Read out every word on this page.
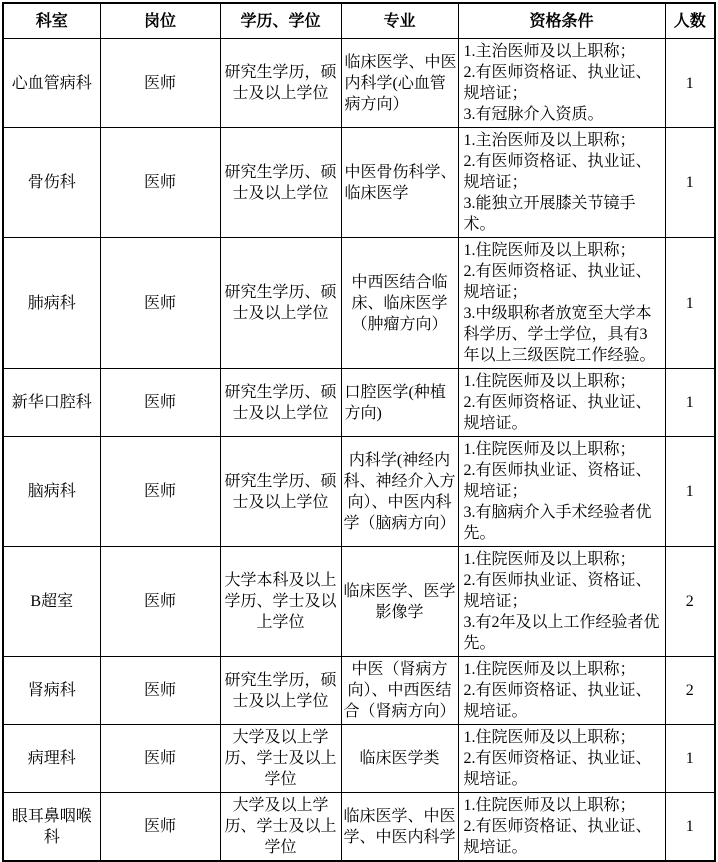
科室	岗位	学历、学位	专业	资格条件	人数
心血管病科	医师	研究生学历，硕士及以上学位	临床医学、中医内科学(心血管病方向）	1.主治医师及以上职称；
2.有医师资格证、执业证、规培证；
3.有冠脉介入资质。	1
骨伤科	医师	研究生学历、硕士及以上学位	中医骨伤科学、临床医学	1.主治医师及以上职称；
2.有医师资格证、执业证、规培证；
3.能独立开展膝关节镜手术。	1
肺病科	医师	研究生学历、硕士及以上学位	中西医结合临床、临床医学（肿瘤方向）	1.住院医师及以上职称；
2.有医师资格证、执业证、规培证；
3.中级职称者放宽至大学本科学历、学士学位，具有3年以上三级医院工作经验。	1
新华口腔科	医师	研究生学历、硕士及以上学位	口腔医学(种植方向)	1.住院医师及以上职称；
2.有医师资格证、执业证、规培证。	1
脑病科	医师	研究生学历、硕士及以上学位	内科学(神经内科、神经介入方向）、中医内科学（脑病方向）	1.住院医师及以上职称；
2.有医师执业证、资格证、规培证；
3.有脑病介入手术经验者优先。	1
B超室	医师	大学本科及以上学历、学士及以上学位	临床医学、医学影像学	1.住院医师及以上职称；
2.有医师执业证、资格证、规培证；
3.有2年及以上工作经验者优先。	2
肾病科	医师	研究生学历，硕士及以上学位	中医（肾病方向）、中西医结合（肾病方向）	1.住院医师及以上职称；
2.有医师资格证、执业证、规培证。	2
病理科	医师	大学及以上学历、学士及以上学位	临床医学类	1.住院医师及以上职称；
2.有医师资格证、执业证、规培证。	1
眼耳鼻咽喉科	医师	大学及以上学历、学士及以上学位	临床医学、中医学、中医内科学	1.住院医师及以上职称；
2.有医师资格证、执业证、规培证。	1
